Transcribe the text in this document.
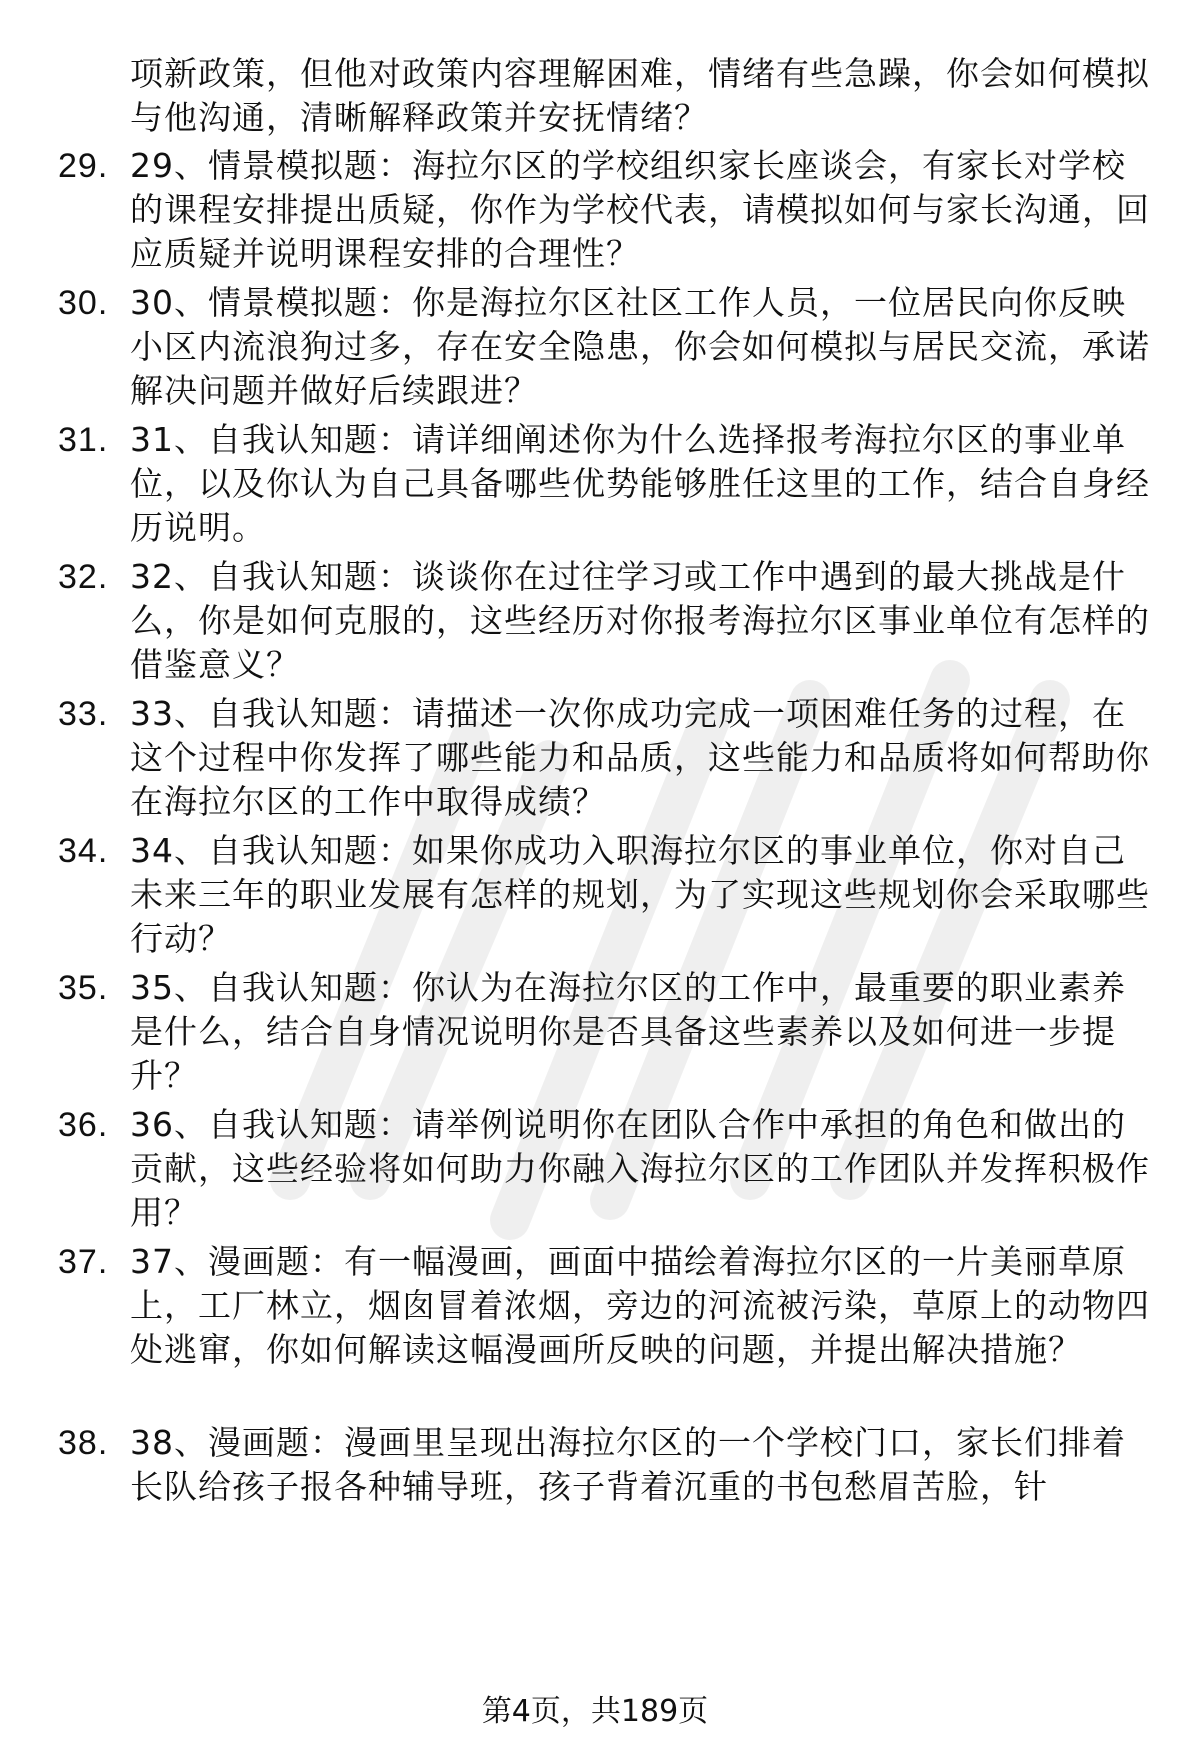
项新政策，但他对政策内容理解困难，情绪有些急躁，你会如何模拟与他沟通，清晰解释政策并安抚情绪？
29. 29、情景模拟题：海拉尔区的学校组织家长座谈会，有家长对学校的课程安排提出质疑，你作为学校代表，请模拟如何与家长沟通，回应质疑并说明课程安排的合理性？
30. 30、情景模拟题：你是海拉尔区社区工作人员，一位居民向你反映小区内流浪狗过多，存在安全隐患，你会如何模拟与居民交流，承诺解决问题并做好后续跟进？
31. 31、自我认知题：请详细阐述你为什么选择报考海拉尔区的事业单位，以及你认为自己具备哪些优势能够胜任这里的工作，结合自身经历说明。
32. 32、自我认知题：谈谈你在过往学习或工作中遇到的最大挑战是什么，你是如何克服的，这些经历对你报考海拉尔区事业单位有怎样的借鉴意义？
33. 33、自我认知题：请描述一次你成功完成一项困难任务的过程，在这个过程中你发挥了哪些能力和品质，这些能力和品质将如何帮助你在海拉尔区的工作中取得成绩？
34. 34、自我认知题：如果你成功入职海拉尔区的事业单位，你对自己未来三年的职业发展有怎样的规划，为了实现这些规划你会采取哪些行动？
35. 35、自我认知题：你认为在海拉尔区的工作中，最重要的职业素养是什么，结合自身情况说明你是否具备这些素养以及如何进一步提升？
36. 36、自我认知题：请举例说明你在团队合作中承担的角色和做出的贡献，这些经验将如何助力你融入海拉尔区的工作团队并发挥积极作用？
37. 37、漫画题：有一幅漫画，画面中描绘着海拉尔区的一片美丽草原上，工厂林立，烟囱冒着浓烟，旁边的河流被污染，草原上的动物四处逃窜，你如何解读这幅漫画所反映的问题，并提出解决措施？
38. 38、漫画题：漫画里呈现出海拉尔区的一个学校门口，家长们排着长队给孩子报各种辅导班，孩子背着沉重的书包愁眉苦脸，针
第4页，共189页
